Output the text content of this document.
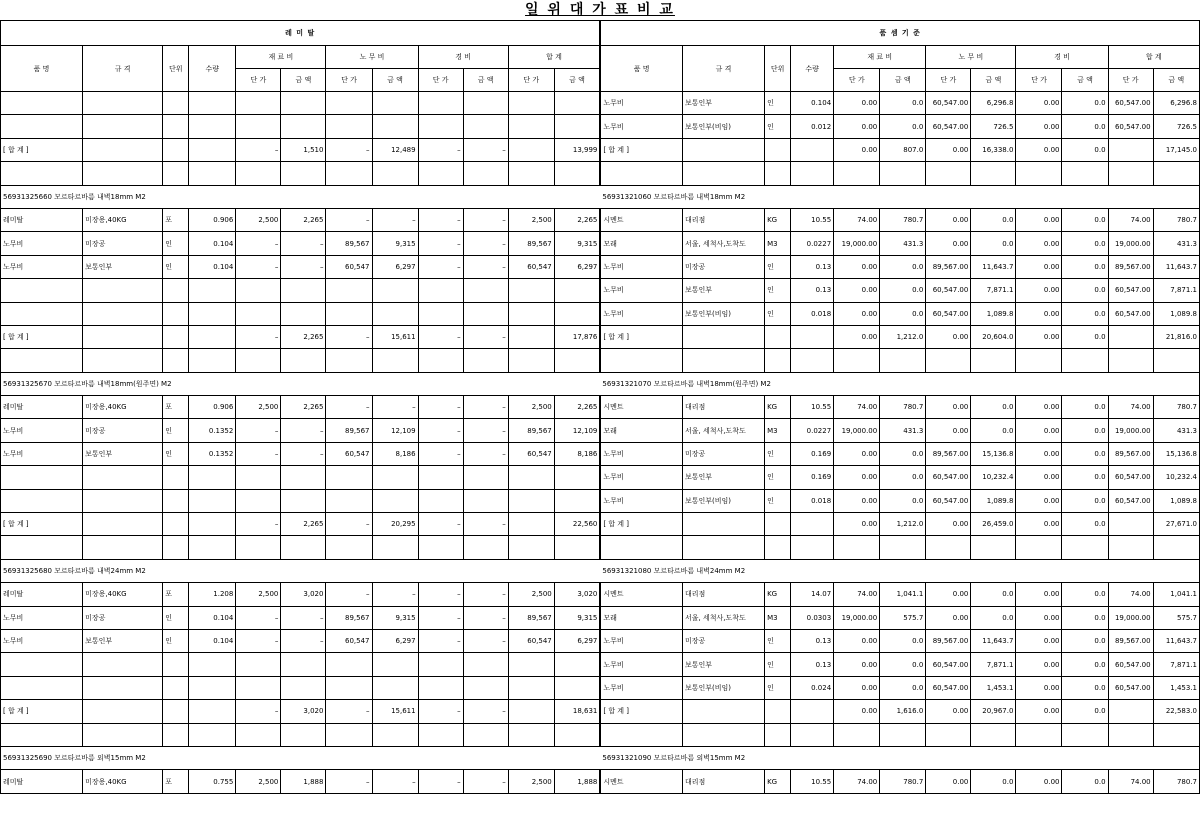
일 위 대 가 표 비 교
레 미 탈												품 셈 기 준											
품 명	규 격	단위	수량	재 료 비		노 무 비		경 비		합 계		품 명	규 격	단위	수량	재 료 비		노 무 비		경 비		합 계	
				단 가	금 액	단 가	금 액	단 가	금 액	단 가	금 액					단 가	금 액	단 가	금 액	단 가	금 액	단 가	금 액
												노무비	보통인부	인	0.104	0.00	0.0	60,547.00	6,296.8	0.00	0.0	60,547.00	6,296.8
												노무비	보통인부(비임)	인	0.012	0.00	0.0	60,547.00	726.5	0.00	0.0	60,547.00	726.5
[ 합 계 ]				–	1,510	–	12,489	–	–		13,999	[ 합 계 ]				0.00	807.0	0.00	16,338.0	0.00	0.0		17,145.0

56931325660 모르타르바름 내벽18mm M2												56931321060 모르타르바름 내벽18mm M2											
레미탈	미장용,40KG	포	0.906	2,500	2,265	–	–	–	–	2,500	2,265	시멘트	대리점	KG	10.55	74.00	780.7	0.00	0.0	0.00	0.0	74.00	780.7
노무비	미장공	인	0.104	–	–	89,567	9,315	–	–	89,567	9,315	모래	서울, 세척사,도착도	M3	0.0227	19,000.00	431.3	0.00	0.0	0.00	0.0	19,000.00	431.3
노무비	보통인부	인	0.104	–	–	60,547	6,297	–	–	60,547	6,297	노무비	미장공	인	0.13	0.00	0.0	89,567.00	11,643.7	0.00	0.0	89,567.00	11,643.7
												노무비	보통인부	인	0.13	0.00	0.0	60,547.00	7,871.1	0.00	0.0	60,547.00	7,871.1
												노무비	보통인부(비임)	인	0.018	0.00	0.0	60,547.00	1,089.8	0.00	0.0	60,547.00	1,089.8
[ 합 계 ]				–	2,265	–	15,611	–	–		17,876	[ 합 계 ]				0.00	1,212.0	0.00	20,604.0	0.00	0.0		21,816.0

56931325670 모르타르바름 내벽18mm(원주면) M2												56931321070 모르타르바름 내벽18mm(원주면) M2											
레미탈	미장용,40KG	포	0.906	2,500	2,265	–	–	–	–	2,500	2,265	시멘트	대리점	KG	10.55	74.00	780.7	0.00	0.0	0.00	0.0	74.00	780.7
노무비	미장공	인	0.1352	–	–	89,567	12,109	–	–	89,567	12,109	모래	서울, 세척사,도착도	M3	0.0227	19,000.00	431.3	0.00	0.0	0.00	0.0	19,000.00	431.3
노무비	보통인부	인	0.1352	–	–	60,547	8,186	–	–	60,547	8,186	노무비	미장공	인	0.169	0.00	0.0	89,567.00	15,136.8	0.00	0.0	89,567.00	15,136.8
												노무비	보통인부	인	0.169	0.00	0.0	60,547.00	10,232.4	0.00	0.0	60,547.00	10,232.4
												노무비	보통인부(비임)	인	0.018	0.00	0.0	60,547.00	1,089.8	0.00	0.0	60,547.00	1,089.8
[ 합 계 ]				–	2,265	–	20,295	–	–		22,560	[ 합 계 ]				0.00	1,212.0	0.00	26,459.0	0.00	0.0		27,671.0

56931325680 모르타르바름 내벽24mm M2												56931321080 모르타르바름 내벽24mm M2											
레미탈	미장용,40KG	포	1.208	2,500	3,020	–	–	–	–	2,500	3,020	시멘트	대리점	KG	14.07	74.00	1,041.1	0.00	0.0	0.00	0.0	74.00	1,041.1
노무비	미장공	인	0.104	–	–	89,567	9,315	–	–	89,567	9,315	모래	서울, 세척사,도착도	M3	0.0303	19,000.00	575.7	0.00	0.0	0.00	0.0	19,000.00	575.7
노무비	보통인부	인	0.104	–	–	60,547	6,297	–	–	60,547	6,297	노무비	미장공	인	0.13	0.00	0.0	89,567.00	11,643.7	0.00	0.0	89,567.00	11,643.7
												노무비	보통인부	인	0.13	0.00	0.0	60,547.00	7,871.1	0.00	0.0	60,547.00	7,871.1
												노무비	보통인부(비임)	인	0.024	0.00	0.0	60,547.00	1,453.1	0.00	0.0	60,547.00	1,453.1
[ 합 계 ]				–	3,020	–	15,611	–	–		18,631	[ 합 계 ]				0.00	1,616.0	0.00	20,967.0	0.00	0.0		22,583.0

56931325690 모르타르바름 외벽15mm M2												56931321090 모르타르바름 외벽15mm M2											
레미탈	미장용,40KG	포	0.755	2,500	1,888	–	–	–	–	2,500	1,888	시멘트	대리점	KG	10.55	74.00	780.7	0.00	0.0	0.00	0.0	74.00	780.7
